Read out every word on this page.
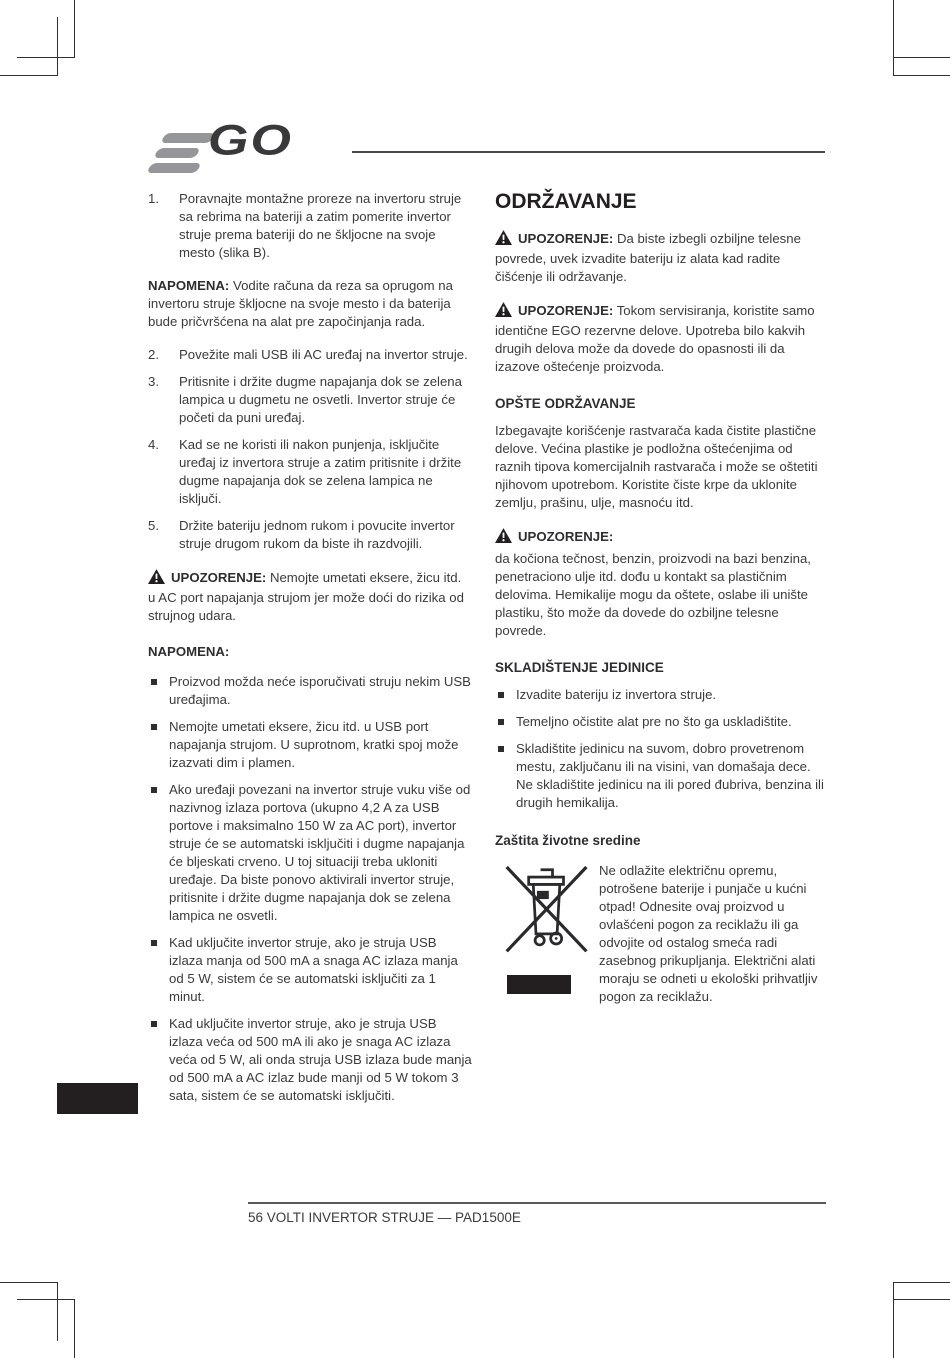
GO
1.	Poravnajte montažne proreze na invertoru struje sa rebrima na bateriji a zatim pomerite invertor struje prema bateriji do ne škljocne na svoje mesto (slika B).

NAPOMENA: Vodite računa da reza sa oprugom na invertoru struje škljocne na svoje mesto i da baterija bude pričvršćena na alat pre započinjanja rada.

2.	Povežite mali USB ili AC uređaj na invertor struje.
3.	Pritisnite i držite dugme napajanja dok se zelena lampica u dugmetu ne osvetli. Invertor struje će početi da puni uređaj.
4.	Kad se ne koristi ili nakon punjenja, isključite uređaj iz invertora struje a zatim pritisnite i držite dugme napajanja dok se zelena lampica ne isključi.
5.	Držite bateriju jednom rukom i povucite invertor struje drugom rukom da biste ih razdvojili.

UPOZORENJE: Nemojte umetati eksere, žicu itd. u AC port napajanja strujom jer može doći do rizika od strujnog udara.

NAPOMENA:

Proizvod možda neće isporučivati struju nekim USB uređajima.
Nemojte umetati eksere, žicu itd. u USB port napajanja strujom. U suprotnom, kratki spoj može izazvati dim i plamen.
Ako uređaji povezani na invertor struje vuku više od nazivnog izlaza portova (ukupno 4,2 A za USB portove i maksimalno 150 W za AC port), invertor struje će se automatski isključiti i dugme napajanja će bljeskati crveno. U toj situaciji treba ukloniti uređaje. Da biste ponovo aktivirali invertor struje, pritisnite i držite dugme napajanja dok se zelena lampica ne osvetli.
Kad uključite invertor struje, ako je struja USB izlaza manja od 500 mA a snaga AC izlaza manja od 5 W, sistem će se automatski isključiti za 1 minut.
Kad uključite invertor struje, ako je struja USB izlaza veća od 500 mA ili ako je snaga AC izlaza veća od 5 W, ali onda struja USB izlaza bude manja od 500 mA a AC izlaz bude manji od 5 W tokom 3 sata, sistem će se automatski isključiti.
ODRŽAVANJE

UPOZORENJE: Da biste izbegli ozbiljne telesne povrede, uvek izvadite bateriju iz alata kad radite čišćenje ili održavanje.

UPOZORENJE: Tokom servisiranja, koristite samo identične EGO rezervne delove. Upotreba bilo kakvih drugih delova može da dovede do opasnosti ili da izazove oštećenje proizvoda.

OPŠTE ODRŽAVANJE

Izbegavajte korišćenje rastvarača kada čistite plastične delove. Većina plastike je podložna oštećenjima od raznih tipova komercijalnih rastvarača i može se oštetiti njihovom upotrebom. Koristite čiste krpe da uklonite zemlju, prašinu, ulje, masnoću itd.

UPOZORENJE:

da kočiona tečnost, benzin, proizvodi na bazi benzina, penetraciono ulje itd. dođu u kontakt sa plastičnim delovima. Hemikalije mogu da oštete, oslabe ili unište plastiku, što može da dovede do ozbiljne telesne povrede.

SKLADIŠTENJE JEDINICE
Izvadite bateriju iz invertora struje.
Temeljno očistite alat pre no što ga uskladištite.
Skladištite jedinicu na suvom, dobro provetrenom mestu, zaključanu ili na visini, van domašaja dece. Ne skladištite jedinicu na ili pored đubriva, benzina ili drugih hemikalija.
Zaštita životne sredine

Ne odlažite električnu opremu, potrošene baterije i punjače u kućni otpad! Odnesite ovaj proizvod u ovlašćeni pogon za reciklažu ili ga odvojite od ostalog smeća radi zasebnog prikupljanja. Električni alati moraju se odneti u ekološki prihvatljiv pogon za reciklažu.

56 VOLTI INVERTOR STRUJE — PAD1500E
